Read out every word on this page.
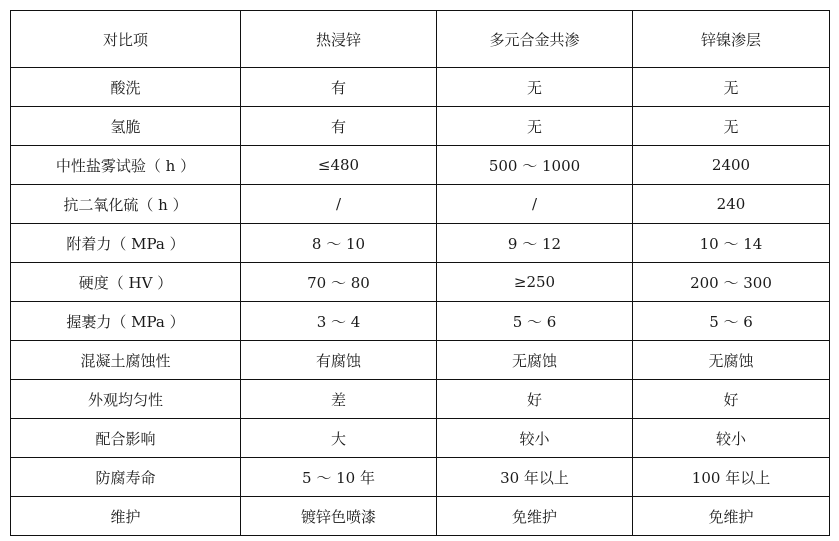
对比项	热浸锌	多元合金共渗	锌镍渗层
酸洗	有	无	无
氢脆	有	无	无
中性盐雾试验（ h ）	≤480	500 ～ 1000	2400
抗二氧化硫（ h ）	/	/	240
附着力（ MPa ）	8 ～ 10	9 ～ 12	10 ～ 14
硬度（ HV ）	70 ～ 80	≥250	200 ～ 300
握裹力（ MPa ）	3 ～ 4	5 ～ 6	5 ～ 6
混凝土腐蚀性	有腐蚀	无腐蚀	无腐蚀
外观均匀性	差	好	好
配合影响	大	较小	较小
防腐寿命	5 ～ 10 年	30 年以上	100 年以上
维护	镀锌色喷漆	免维护	免维护
